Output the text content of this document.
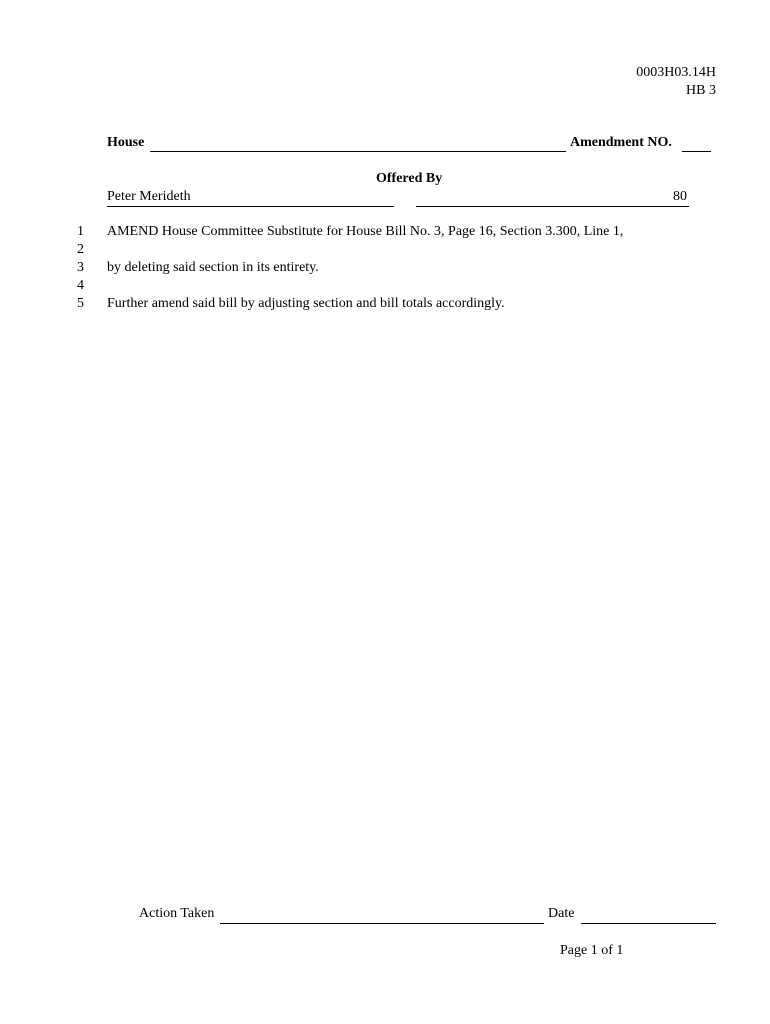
0003H03.14H
HB 3
House	Amendment NO.
Offered By
Peter Merideth	80
1 AMEND House Committee Substitute for House Bill No. 3, Page 16, Section 3.300, Line 1,
2
3 by deleting said section in its entirety.
4
5 Further amend said bill by adjusting section and bill totals accordingly.
Action Taken	Date
Page 1 of 1
